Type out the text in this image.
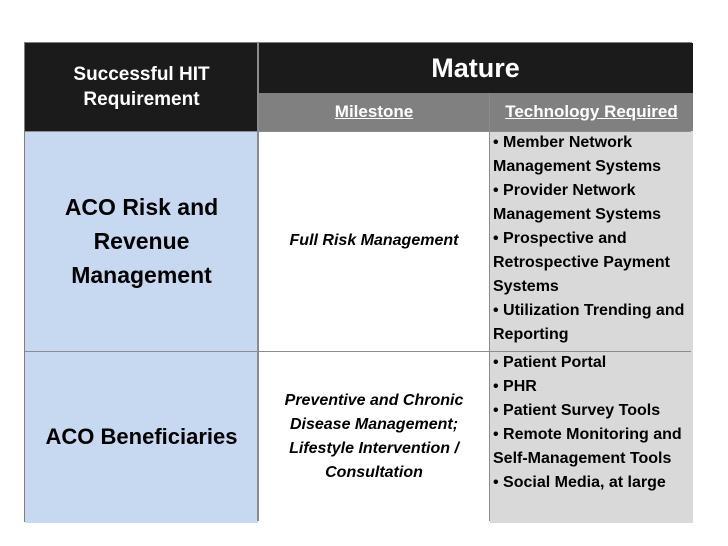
Successful HIT
Requirement
Mature
Milestone	Technology Required
ACO Risk and
Revenue
Management
Full Risk Management
• Member Network Management Systems
• Provider Network Management Systems
• Prospective and Retrospective Payment Systems
• Utilization Trending and Reporting
ACO Beneficiaries
Preventive and Chronic
Disease Management;
Lifestyle Intervention /
Consultation
• Patient Portal
• PHR
• Patient Survey Tools
• Remote Monitoring and Self-Management Tools
• Social Media, at large
